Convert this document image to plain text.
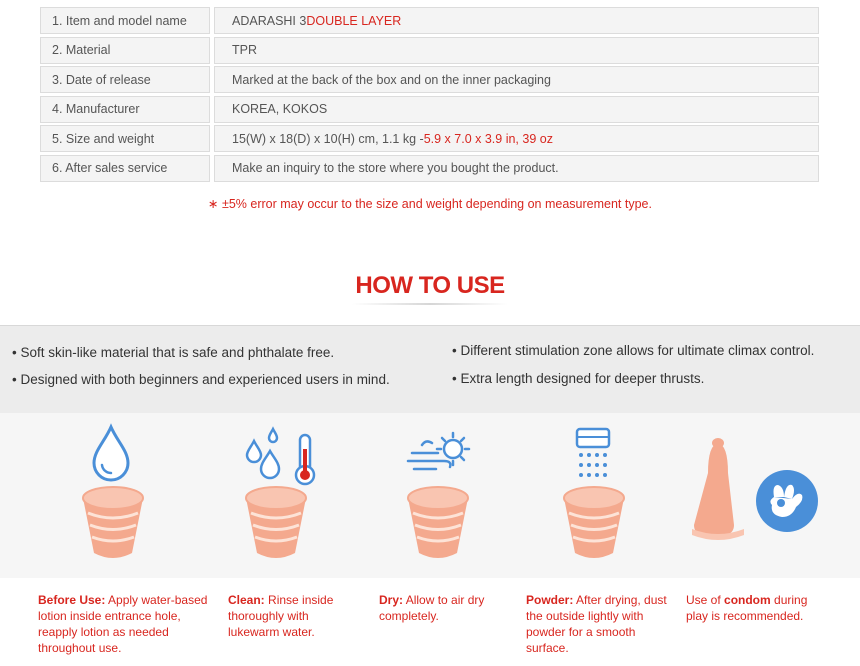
1. Item and model name	ADARASHI 3 DOUBLE LAYER
2. Material	TPR
3. Date of release	Marked at the back of the box and on the inner packaging
4. Manufacturer	KOREA, KOKOS
5. Size and weight	15(W) x 18(D) x 10(H) cm, 1.1 kg - 5.9 x 7.0 x 3.9 in, 39 oz
6. After sales service	Make an inquiry to the store where you bought the product.
∗ ±5% error may occur to the size and weight depending on measurement type.
HOW TO USE
• Soft skin-like material that is safe and phthalate free.
• Designed with both beginners and experienced users in mind.
• Different stimulation zone allows for ultimate climax control.
• Extra length designed for deeper thrusts.
Before Use: Apply water-based lotion inside entrance hole, reapply lotion as needed throughout use.
Clean: Rinse inside thoroughly with lukewarm water.
Dry: Allow to air dry completely.
Powder: After drying, dust the outside lightly with powder for a smooth surface.
Use of condom during play is recommended.
